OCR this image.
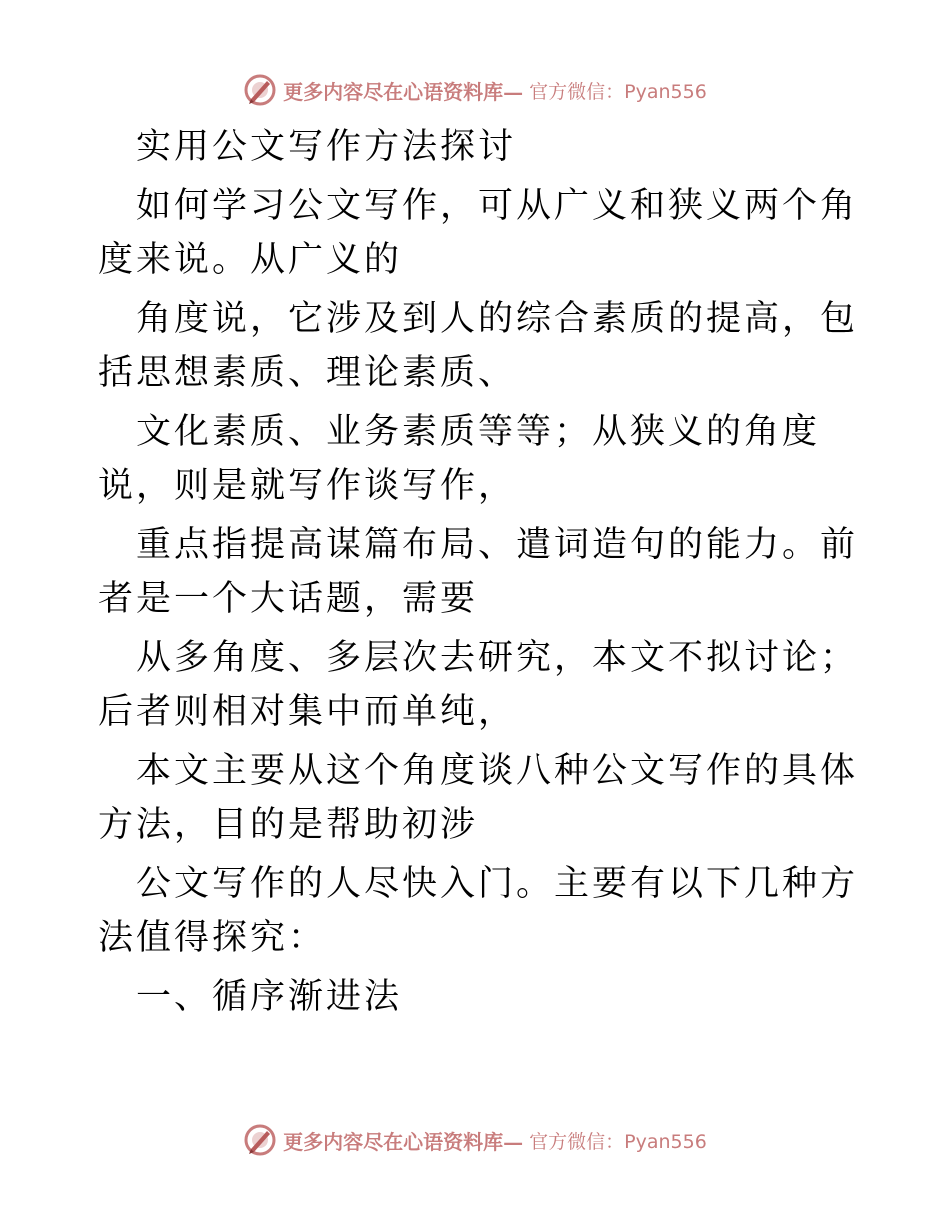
更多内容尽在心语资料库— 官方微信：Pyan556

实用公文写作方法探讨

如何学习公文写作，可从广义和狭义两个角度来说。从广义的

角度说，它涉及到人的综合素质的提高，包括思想素质、理论素质、

文化素质、业务素质等等；从狭义的角度说，则是就写作谈写作，

重点指提高谋篇布局、遣词造句的能力。前者是一个大话题，需要

从多角度、多层次去研究，本文不拟讨论；后者则相对集中而单纯，

本文主要从这个角度谈八种公文写作的具体方法，目的是帮助初涉

公文写作的人尽快入门。主要有以下几种方法值得探究：

一、循序渐进法

更多内容尽在心语资料库— 官方微信：Pyan556
